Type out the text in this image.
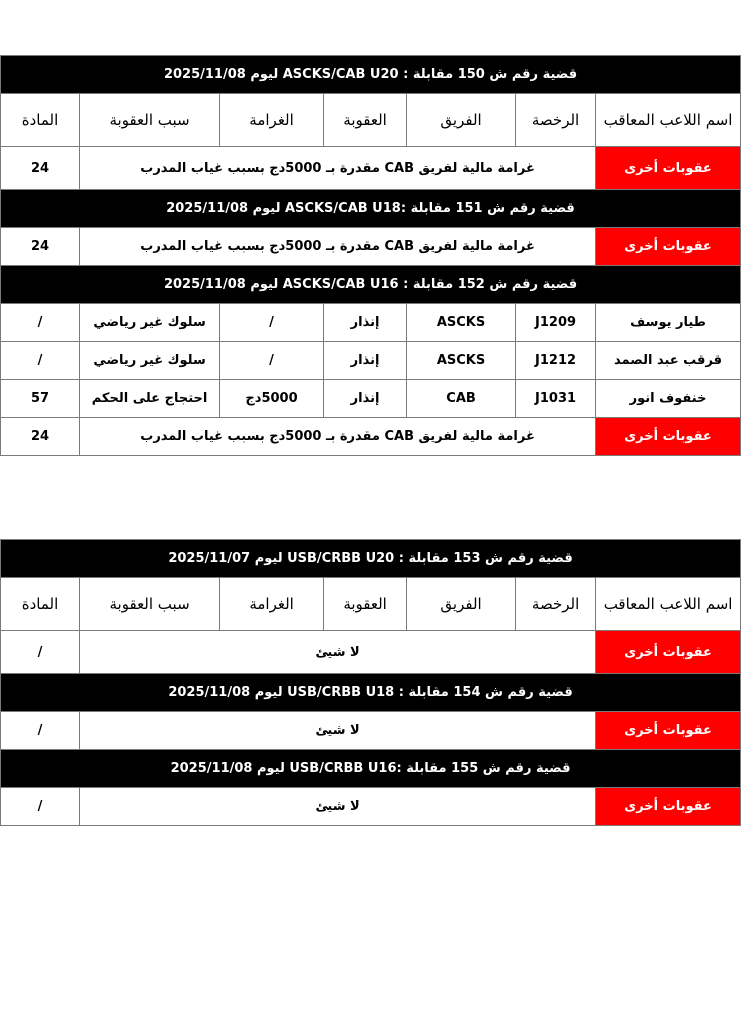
قضية رقم ش 150 مقابلة : ASCKS/CAB U20 ليوم 2025/11/08						
اسم اللاعب المعاقب	الرخصة	الفريق	العقوبة	الغرامة	سبب العقوبة	المادة
عقوبات أخرى	غرامة مالية لفريق CAB مقدرة بـ 5000دج بسبب غياب المدرب					24
قضية رقم ش 151 مقابلة :ASCKS/CAB U18 ليوم 2025/11/08						
عقوبات أخرى	غرامة مالية لفريق CAB مقدرة بـ 5000دج بسبب غياب المدرب					24
قضية رقم ش 152 مقابلة : ASCKS/CAB U16 ليوم 2025/11/08						
طيار يوسف	J1209	ASCKS	إنذار	/	سلوك غير رياضي	/
قرقب عبد الصمد	J1212	ASCKS	إنذار	/	سلوك غير رياضي	/
خنفوف انور	J1031	CAB	إنذار	5000دج	احتجاج على الحكم	57
عقوبات أخرى	غرامة مالية لفريق CAB مقدرة بـ 5000دج بسبب غياب المدرب					24
قضية رقم ش 153 مقابلة : USB/CRBB U20 ليوم 2025/11/07						
اسم اللاعب المعاقب	الرخصة	الفريق	العقوبة	الغرامة	سبب العقوبة	المادة
عقوبات أخرى	لا شيئ					/
قضية رقم ش 154 مقابلة : USB/CRBB U18 ليوم 2025/11/08						
عقوبات أخرى	لا شيئ					/
قضية رقم ش 155 مقابلة :USB/CRBB U16 ليوم 2025/11/08						
عقوبات أخرى	لا شيئ					/
